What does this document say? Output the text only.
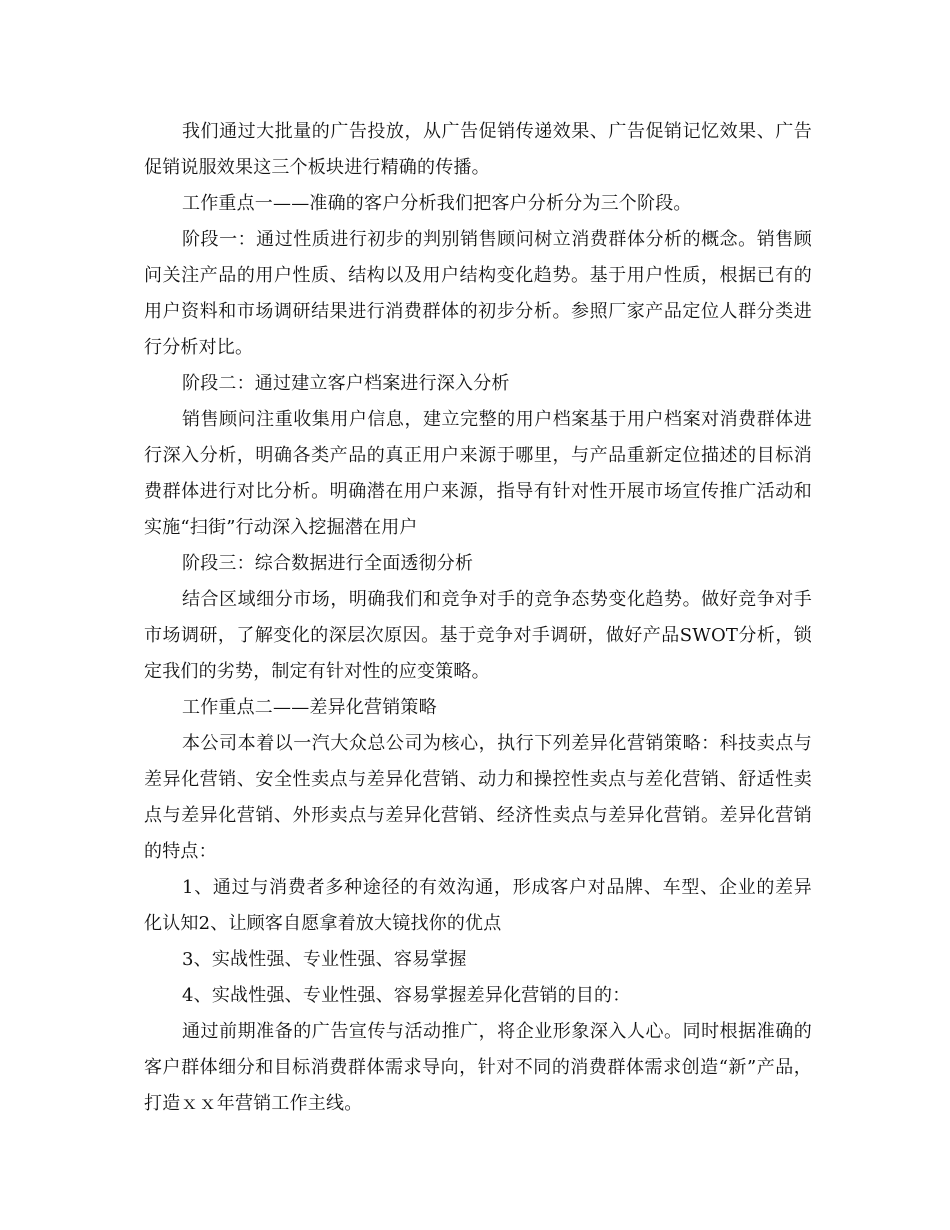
我们通过大批量的广告投放，从广告促销传递效果、广告促销记忆效果、广告促销说服效果这三个板块进行精确的传播。

工作重点一——准确的客户分析我们把客户分析分为三个阶段。

阶段一：通过性质进行初步的判别销售顾问树立消费群体分析的概念。销售顾问关注产品的用户性质、结构以及用户结构变化趋势。基于用户性质，根据已有的用户资料和市场调研结果进行消费群体的初步分析。参照厂家产品定位人群分类进行分析对比。

阶段二：通过建立客户档案进行深入分析

销售顾问注重收集用户信息，建立完整的用户档案基于用户档案对消费群体进行深入分析，明确各类产品的真正用户来源于哪里，与产品重新定位描述的目标消费群体进行对比分析。明确潜在用户来源，指导有针对性开展市场宣传推广活动和实施“扫街”行动深入挖掘潜在用户

阶段三：综合数据进行全面透彻分析

结合区域细分市场，明确我们和竞争对手的竞争态势变化趋势。做好竞争对手市场调研，了解变化的深层次原因。基于竞争对手调研，做好产品SWOT分析，锁定我们的劣势，制定有针对性的应变策略。

工作重点二——差异化营销策略

本公司本着以一汽大众总公司为核心，执行下列差异化营销策略：科技卖点与差异化营销、安全性卖点与差异化营销、动力和操控性卖点与差化营销、舒适性卖点与差异化营销、外形卖点与差异化营销、经济性卖点与差异化营销。差异化营销的特点：

1、通过与消费者多种途径的有效沟通，形成客户对品牌、车型、企业的差异化认知2、让顾客自愿拿着放大镜找你的优点

3、实战性强、专业性强、容易掌握

4、实战性强、专业性强、容易掌握差异化营销的目的：

通过前期准备的广告宣传与活动推广，将企业形象深入人心。同时根据准确的客户群体细分和目标消费群体需求导向，针对不同的消费群体需求创造“新”产品，打造ｘｘ年营销工作主线。
